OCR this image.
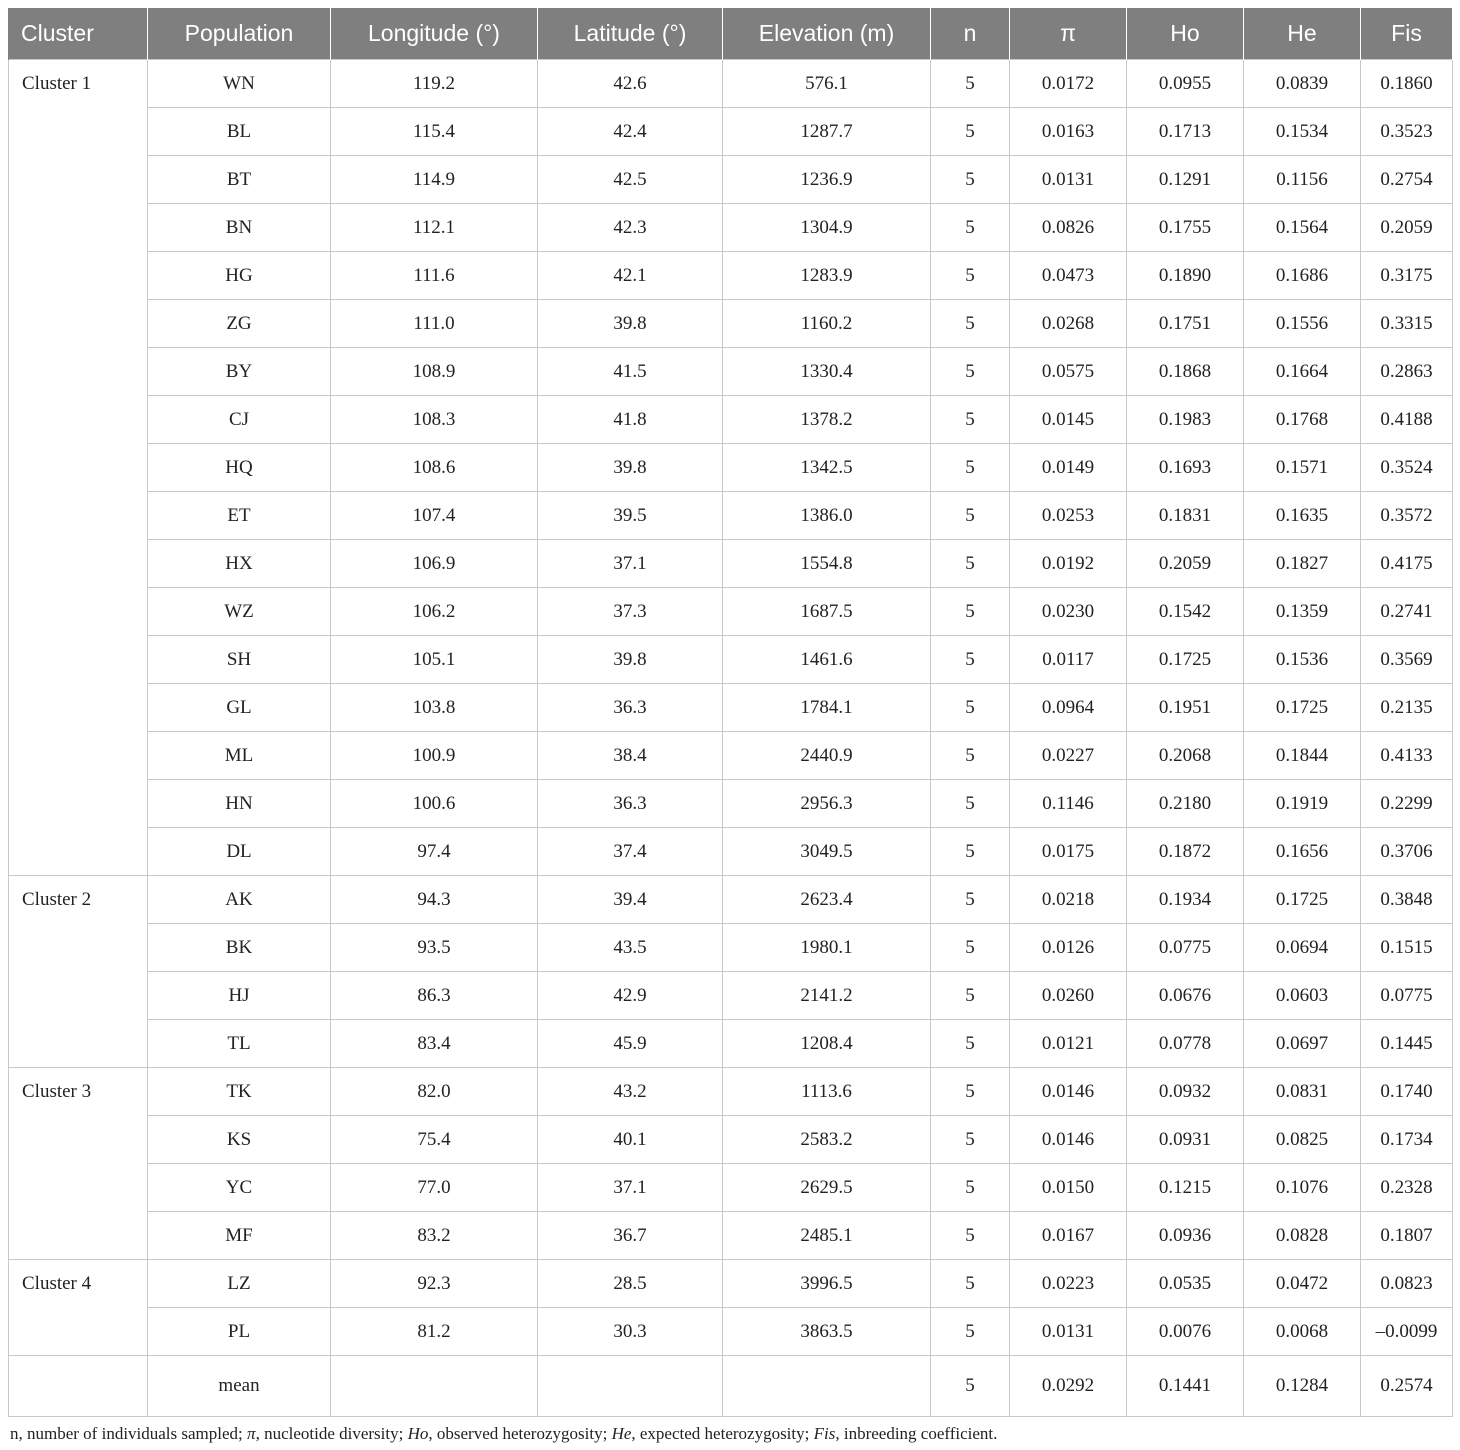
Cluster	Population	Longitude (°)	Latitude (°)	Elevation (m)	n	π	Ho	He	Fis
Cluster 1	WN	119.2	42.6	576.1	5	0.0172	0.0955	0.0839	0.1860
	BL	115.4	42.4	1287.7	5	0.0163	0.1713	0.1534	0.3523
	BT	114.9	42.5	1236.9	5	0.0131	0.1291	0.1156	0.2754
	BN	112.1	42.3	1304.9	5	0.0826	0.1755	0.1564	0.2059
	HG	111.6	42.1	1283.9	5	0.0473	0.1890	0.1686	0.3175
	ZG	111.0	39.8	1160.2	5	0.0268	0.1751	0.1556	0.3315
	BY	108.9	41.5	1330.4	5	0.0575	0.1868	0.1664	0.2863
	CJ	108.3	41.8	1378.2	5	0.0145	0.1983	0.1768	0.4188
	HQ	108.6	39.8	1342.5	5	0.0149	0.1693	0.1571	0.3524
	ET	107.4	39.5	1386.0	5	0.0253	0.1831	0.1635	0.3572
	HX	106.9	37.1	1554.8	5	0.0192	0.2059	0.1827	0.4175
	WZ	106.2	37.3	1687.5	5	0.0230	0.1542	0.1359	0.2741
	SH	105.1	39.8	1461.6	5	0.0117	0.1725	0.1536	0.3569
	GL	103.8	36.3	1784.1	5	0.0964	0.1951	0.1725	0.2135
	ML	100.9	38.4	2440.9	5	0.0227	0.2068	0.1844	0.4133
	HN	100.6	36.3	2956.3	5	0.1146	0.2180	0.1919	0.2299
	DL	97.4	37.4	3049.5	5	0.0175	0.1872	0.1656	0.3706
Cluster 2	AK	94.3	39.4	2623.4	5	0.0218	0.1934	0.1725	0.3848
	BK	93.5	43.5	1980.1	5	0.0126	0.0775	0.0694	0.1515
	HJ	86.3	42.9	2141.2	5	0.0260	0.0676	0.0603	0.0775
	TL	83.4	45.9	1208.4	5	0.0121	0.0778	0.0697	0.1445
Cluster 3	TK	82.0	43.2	1113.6	5	0.0146	0.0932	0.0831	0.1740
	KS	75.4	40.1	2583.2	5	0.0146	0.0931	0.0825	0.1734
	YC	77.0	37.1	2629.5	5	0.0150	0.1215	0.1076	0.2328
	MF	83.2	36.7	2485.1	5	0.0167	0.0936	0.0828	0.1807
Cluster 4	LZ	92.3	28.5	3996.5	5	0.0223	0.0535	0.0472	0.0823
	PL	81.2	30.3	3863.5	5	0.0131	0.0076	0.0068	–0.0099
	mean				5	0.0292	0.1441	0.1284	0.2574
n, number of individuals sampled; π, nucleotide diversity; Ho, observed heterozygosity; He, expected heterozygosity; Fis, inbreeding coefficient.
